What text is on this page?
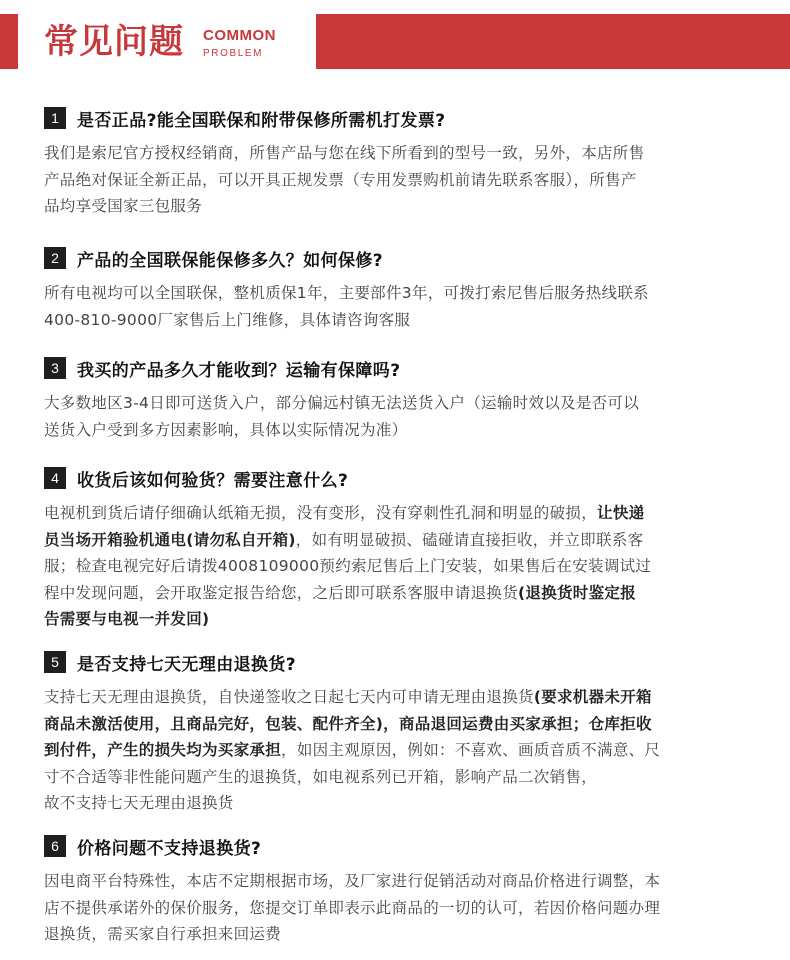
常见问题 COMMON
PROBLEM
1	是否正品?能全国联保和附带保修所需机打发票?
我们是索尼官方授权经销商，所售产品与您在线下所看到的型号一致，另外，本店所售
产品绝对保证全新正品，可以开具正规发票（专用发票购机前请先联系客服），所售产
品均享受国家三包服务
2	产品的全国联保能保修多久？如何保修?
所有电视均可以全国联保，整机质保1年，主要部件3年，可拨打索尼售后服务热线联系
400-810-9000厂家售后上门维修，具体请咨询客服
3	我买的产品多久才能收到？运输有保障吗?
大多数地区3-4日即可送货入户，部分偏远村镇无法送货入户（运输时效以及是否可以
送货入户受到多方因素影响，具体以实际情况为准）
4	收货后该如何验货？需要注意什么?
电视机到货后请仔细确认纸箱无损，没有变形，没有穿刺性孔洞和明显的破损，让快递
员当场开箱验机通电(请勿私自开箱)，如有明显破损、磕碰请直接拒收，并立即联系客
服；检查电视完好后请拨4008109000预约索尼售后上门安装，如果售后在安装调试过
程中发现问题，会开取鉴定报告给您，之后即可联系客服申请退换货(退换货时鉴定报
告需要与电视一并发回)
5	是否支持七天无理由退换货?
支持七天无理由退换货，自快递签收之日起七天内可申请无理由退换货(要求机器未开箱
商品未激活使用，且商品完好，包装、配件齐全)，商品退回运费由买家承担；仓库拒收
到付件，产生的损失均为买家承担，如因主观原因，例如：不喜欢、画质音质不满意、尺
寸不合适等非性能问题产生的退换货，如电视系列已开箱，影响产品二次销售，
故不支持七天无理由退换货
6	价格问题不支持退换货?
因电商平台特殊性，本店不定期根据市场，及厂家进行促销活动对商品价格进行调整，本
店不提供承诺外的保价服务，您提交订单即表示此商品的一切的认可，若因价格问题办理
退换货，需买家自行承担来回运费
